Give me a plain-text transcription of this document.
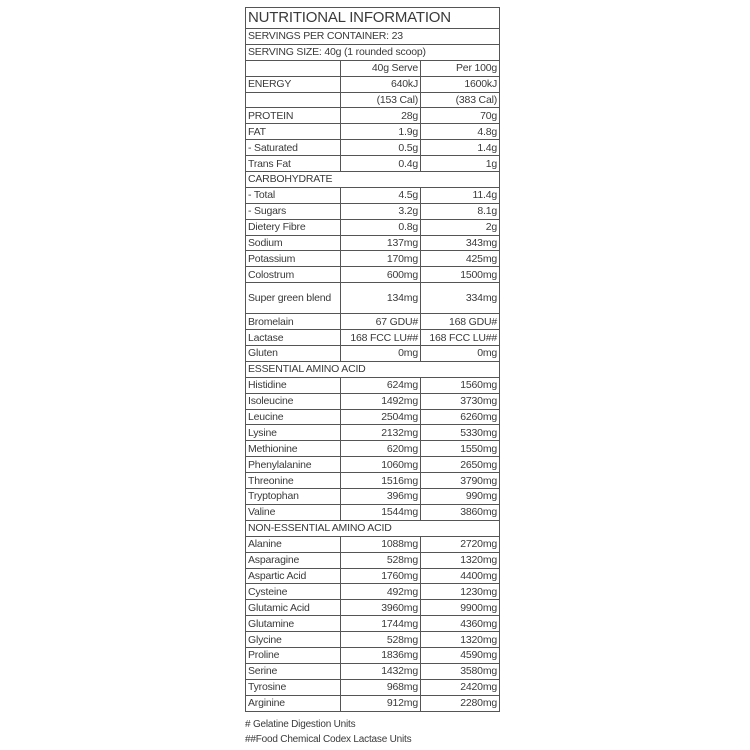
NUTRITIONAL INFORMATION		
SERVINGS PER CONTAINER: 23		
SERVING SIZE: 40g (1 rounded scoop)		
	40g Serve	Per 100g
ENERGY	640kJ	1600kJ
	(153 Cal)	(383 Cal)
PROTEIN	28g	70g
FAT	1.9g	4.8g
- Saturated	0.5g	1.4g
Trans Fat	0.4g	1g
CARBOHYDRATE		
- Total	4.5g	11.4g
- Sugars	3.2g	8.1g
Dietery Fibre	0.8g	2g
Sodium	137mg	343mg
Potassium	170mg	425mg
Colostrum	600mg	1500mg
Super green blend	134mg	334mg
Bromelain	67 GDU#	168 GDU#
Lactase	168 FCC LU##	168 FCC LU##
Gluten	0mg	0mg
ESSENTIAL AMINO ACID		
Histidine	624mg	1560mg
Isoleucine	1492mg	3730mg
Leucine	2504mg	6260mg
Lysine	2132mg	5330mg
Methionine	620mg	1550mg
Phenylalanine	1060mg	2650mg
Threonine	1516mg	3790mg
Tryptophan	396mg	990mg
Valine	1544mg	3860mg
NON-ESSENTIAL AMINO ACID		
Alanine	1088mg	2720mg
Asparagine	528mg	1320mg
Aspartic Acid	1760mg	4400mg
Cysteine	492mg	1230mg
Glutamic Acid	3960mg	9900mg
Glutamine	1744mg	4360mg
Glycine	528mg	1320mg
Proline	1836mg	4590mg
Serine	1432mg	3580mg
Tyrosine	968mg	2420mg
Arginine	912mg	2280mg
# Gelatine Digestion Units
##Food Chemical Codex Lactase Units
